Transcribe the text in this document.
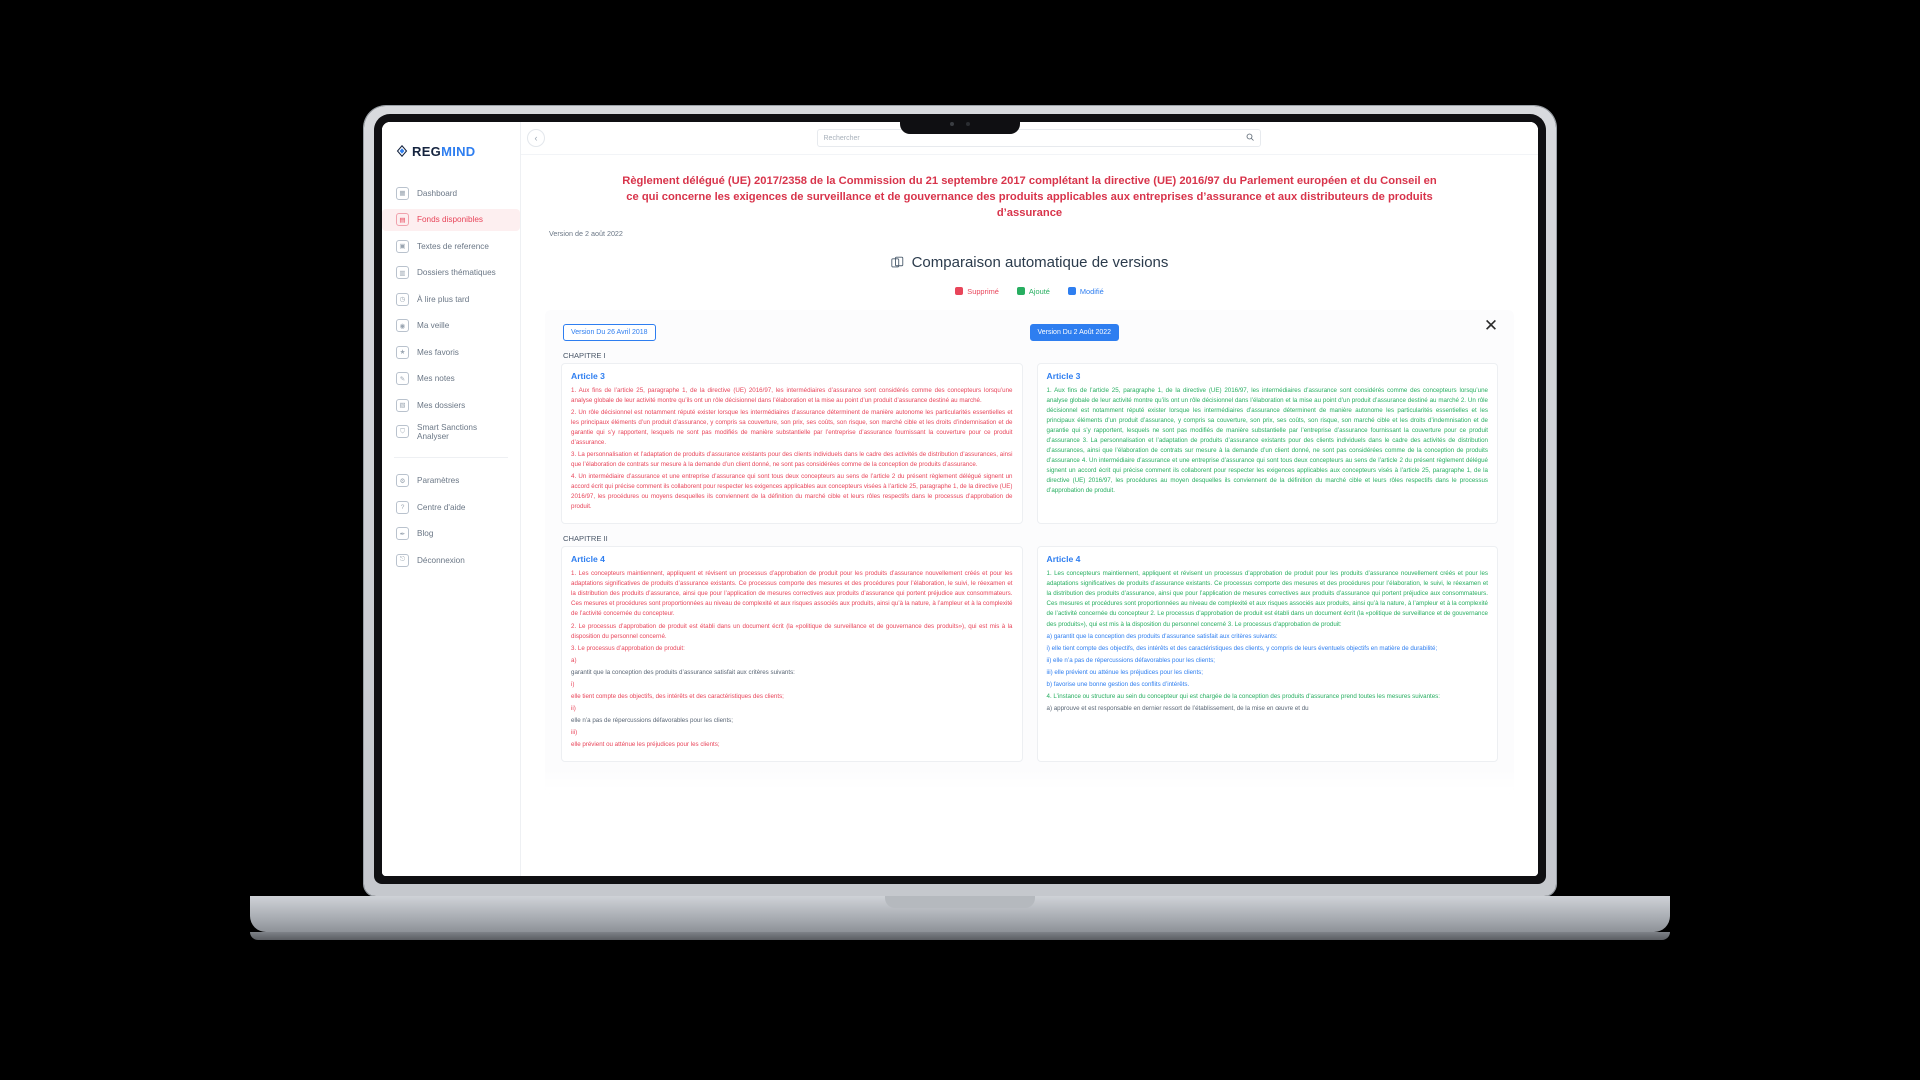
REGMIND
▦	Dashboard
▤	Fonds disponibles
▣	Textes de reference
▥	Dossiers thématiques
◷	À lire plus tard
◉	Ma veille
★	Mes favoris
✎	Mes notes
▧	Mes dossiers
⛉	Smart Sanctions Analyser
⚙	Paramètres
?	Centre d'aide
✒	Blog
⎋	Déconnexion
‹	Rechercher
Règlement délégué (UE) 2017/2358 de la Commission du 21 septembre 2017 complétant la directive (UE) 2016/97 du Parlement européen et du Conseil en ce qui concerne les exigences de surveillance et de gouvernance des produits applicables aux entreprises d’assurance et aux distributeurs de produits d’assurance
Version de 2 août 2022
Comparaison automatique de versions
Supprimé	Ajouté	Modifié
✕
Version Du 26 Avril 2018	Version Du 2 Août 2022
CHAPITRE I
Article 3

1. Aux fins de l’article 25, paragraphe 1, de la directive (UE) 2016/97, les intermédiaires d’assurance sont considérés comme des concepteurs lorsqu’une analyse globale de leur activité montre qu’ils ont un rôle décisionnel dans l’élaboration et la mise au point d’un produit d’assurance destiné au marché.

2. Un rôle décisionnel est notamment réputé exister lorsque les intermédiaires d’assurance déterminent de manière autonome les particularités essentielles et les principaux éléments d’un produit d’assurance, y compris sa couverture, son prix, ses coûts, son risque, son marché cible et les droits d’indemnisation et de garantie qui s’y rapportent, lesquels ne sont pas modifiés de manière substantielle par l’entreprise d’assurance fournissant la couverture pour ce produit d’assurance.

3. La personnalisation et l’adaptation de produits d’assurance existants pour des clients individuels dans le cadre des activités de distribution d’assurances, ainsi que l’élaboration de contrats sur mesure à la demande d’un client donné, ne sont pas considérées comme de la conception de produits d’assurance.

4. Un intermédiaire d’assurance et une entreprise d’assurance qui sont tous deux concepteurs au sens de l’article 2 du présent règlement délégué signent un accord écrit qui précise comment ils collaborent pour respecter les exigences applicables aux concepteurs visées à l’article 25, paragraphe 1, de la directive (UE) 2016/97, les procédures ou moyens desquelles ils conviennent de la définition du marché cible et leurs rôles respectifs dans le processus d’approbation de produit.

Article 3

1. Aux fins de l’article 25, paragraphe 1, de la directive (UE) 2016/97, les intermédiaires d’assurance sont considérés comme des concepteurs lorsqu’une analyse globale de leur activité montre qu’ils ont un rôle décisionnel dans l’élaboration et la mise au point d’un produit d’assurance destiné au marché 2. Un rôle décisionnel est notamment réputé exister lorsque les intermédiaires d’assurance déterminent de manière autonome les particularités essentielles et les principaux éléments d’un produit d’assurance, y compris sa couverture, son prix, ses coûts, son risque, son marché cible et les droits d’indemnisation et de garantie qui s’y rapportent, lesquels ne sont pas modifiés de manière substantielle par l’entreprise d’assurance fournissant la couverture pour ce produit d’assurance 3. La personnalisation et l’adaptation de produits d’assurance existants pour des clients individuels dans le cadre des activités de distribution d’assurances, ainsi que l’élaboration de contrats sur mesure à la demande d’un client donné, ne sont pas considérées comme de la conception de produits d’assurance 4. Un intermédiaire d’assurance et une entreprise d’assurance qui sont tous deux concepteurs au sens de l’article 2 du présent règlement délégué signent un accord écrit qui précise comment ils collaborent pour respecter les exigences applicables aux concepteurs visés à l’article 25, paragraphe 1, de la directive (UE) 2016/97, les procédures au moyen desquelles ils conviennent de la définition du marché cible et leurs rôles respectifs dans le processus d’approbation de produit.

CHAPITRE II
Article 4

1. Les concepteurs maintiennent, appliquent et révisent un processus d’approbation de produit pour les produits d’assurance nouvellement créés et pour les adaptations significatives de produits d’assurance existants. Ce processus comporte des mesures et des procédures pour l’élaboration, le suivi, le réexamen et la distribution des produits d’assurance, ainsi que pour l’application de mesures correctives aux produits d’assurance qui portent préjudice aux consommateurs. Ces mesures et procédures sont proportionnées au niveau de complexité et aux risques associés aux produits, ainsi qu’à la nature, à l’ampleur et à la complexité de l’activité concernée du concepteur.

2. Le processus d’approbation de produit est établi dans un document écrit (la «politique de surveillance et de gouvernance des produits»), qui est mis à la disposition du personnel concerné.

3. Le processus d’approbation de produit:

a)

garantit que la conception des produits d’assurance satisfait aux critères suivants:

i)

elle tient compte des objectifs, des intérêts et des caractéristiques des clients;

ii)

elle n’a pas de répercussions défavorables pour les clients;

iii)

elle prévient ou atténue les préjudices pour les clients;

Article 4

1. Les concepteurs maintiennent, appliquent et révisent un processus d’approbation de produit pour les produits d’assurance nouvellement créés et pour les adaptations significatives de produits d’assurance existants. Ce processus comporte des mesures et des procédures pour l’élaboration, le suivi, le réexamen et la distribution des produits d’assurance, ainsi que pour l’application de mesures correctives aux produits d’assurance qui portent préjudice aux consommateurs. Ces mesures et procédures sont proportionnées au niveau de complexité et aux risques associés aux produits, ainsi qu’à la nature, à l’ampleur et à la complexité de l’activité concernée du concepteur 2. Le processus d’approbation de produit est établi dans un document écrit (la «politique de surveillance et de gouvernance des produits»), qui est mis à la disposition du personnel concerné 3. Le processus d’approbation de produit:

a) garantit que la conception des produits d’assurance satisfait aux critères suivants:

i) elle tient compte des objectifs, des intérêts et des caractéristiques des clients, y compris de leurs éventuels objectifs en matière de durabilité;

ii) elle n’a pas de répercussions défavorables pour les clients;

iii) elle prévient ou atténue les préjudices pour les clients;

b) favorise une bonne gestion des conflits d’intérêts.

4. L’instance ou structure au sein du concepteur qui est chargée de la conception des produits d’assurance prend toutes les mesures suivantes:

a) approuve et est responsable en dernier ressort de l’établissement, de la mise en œuvre et du
